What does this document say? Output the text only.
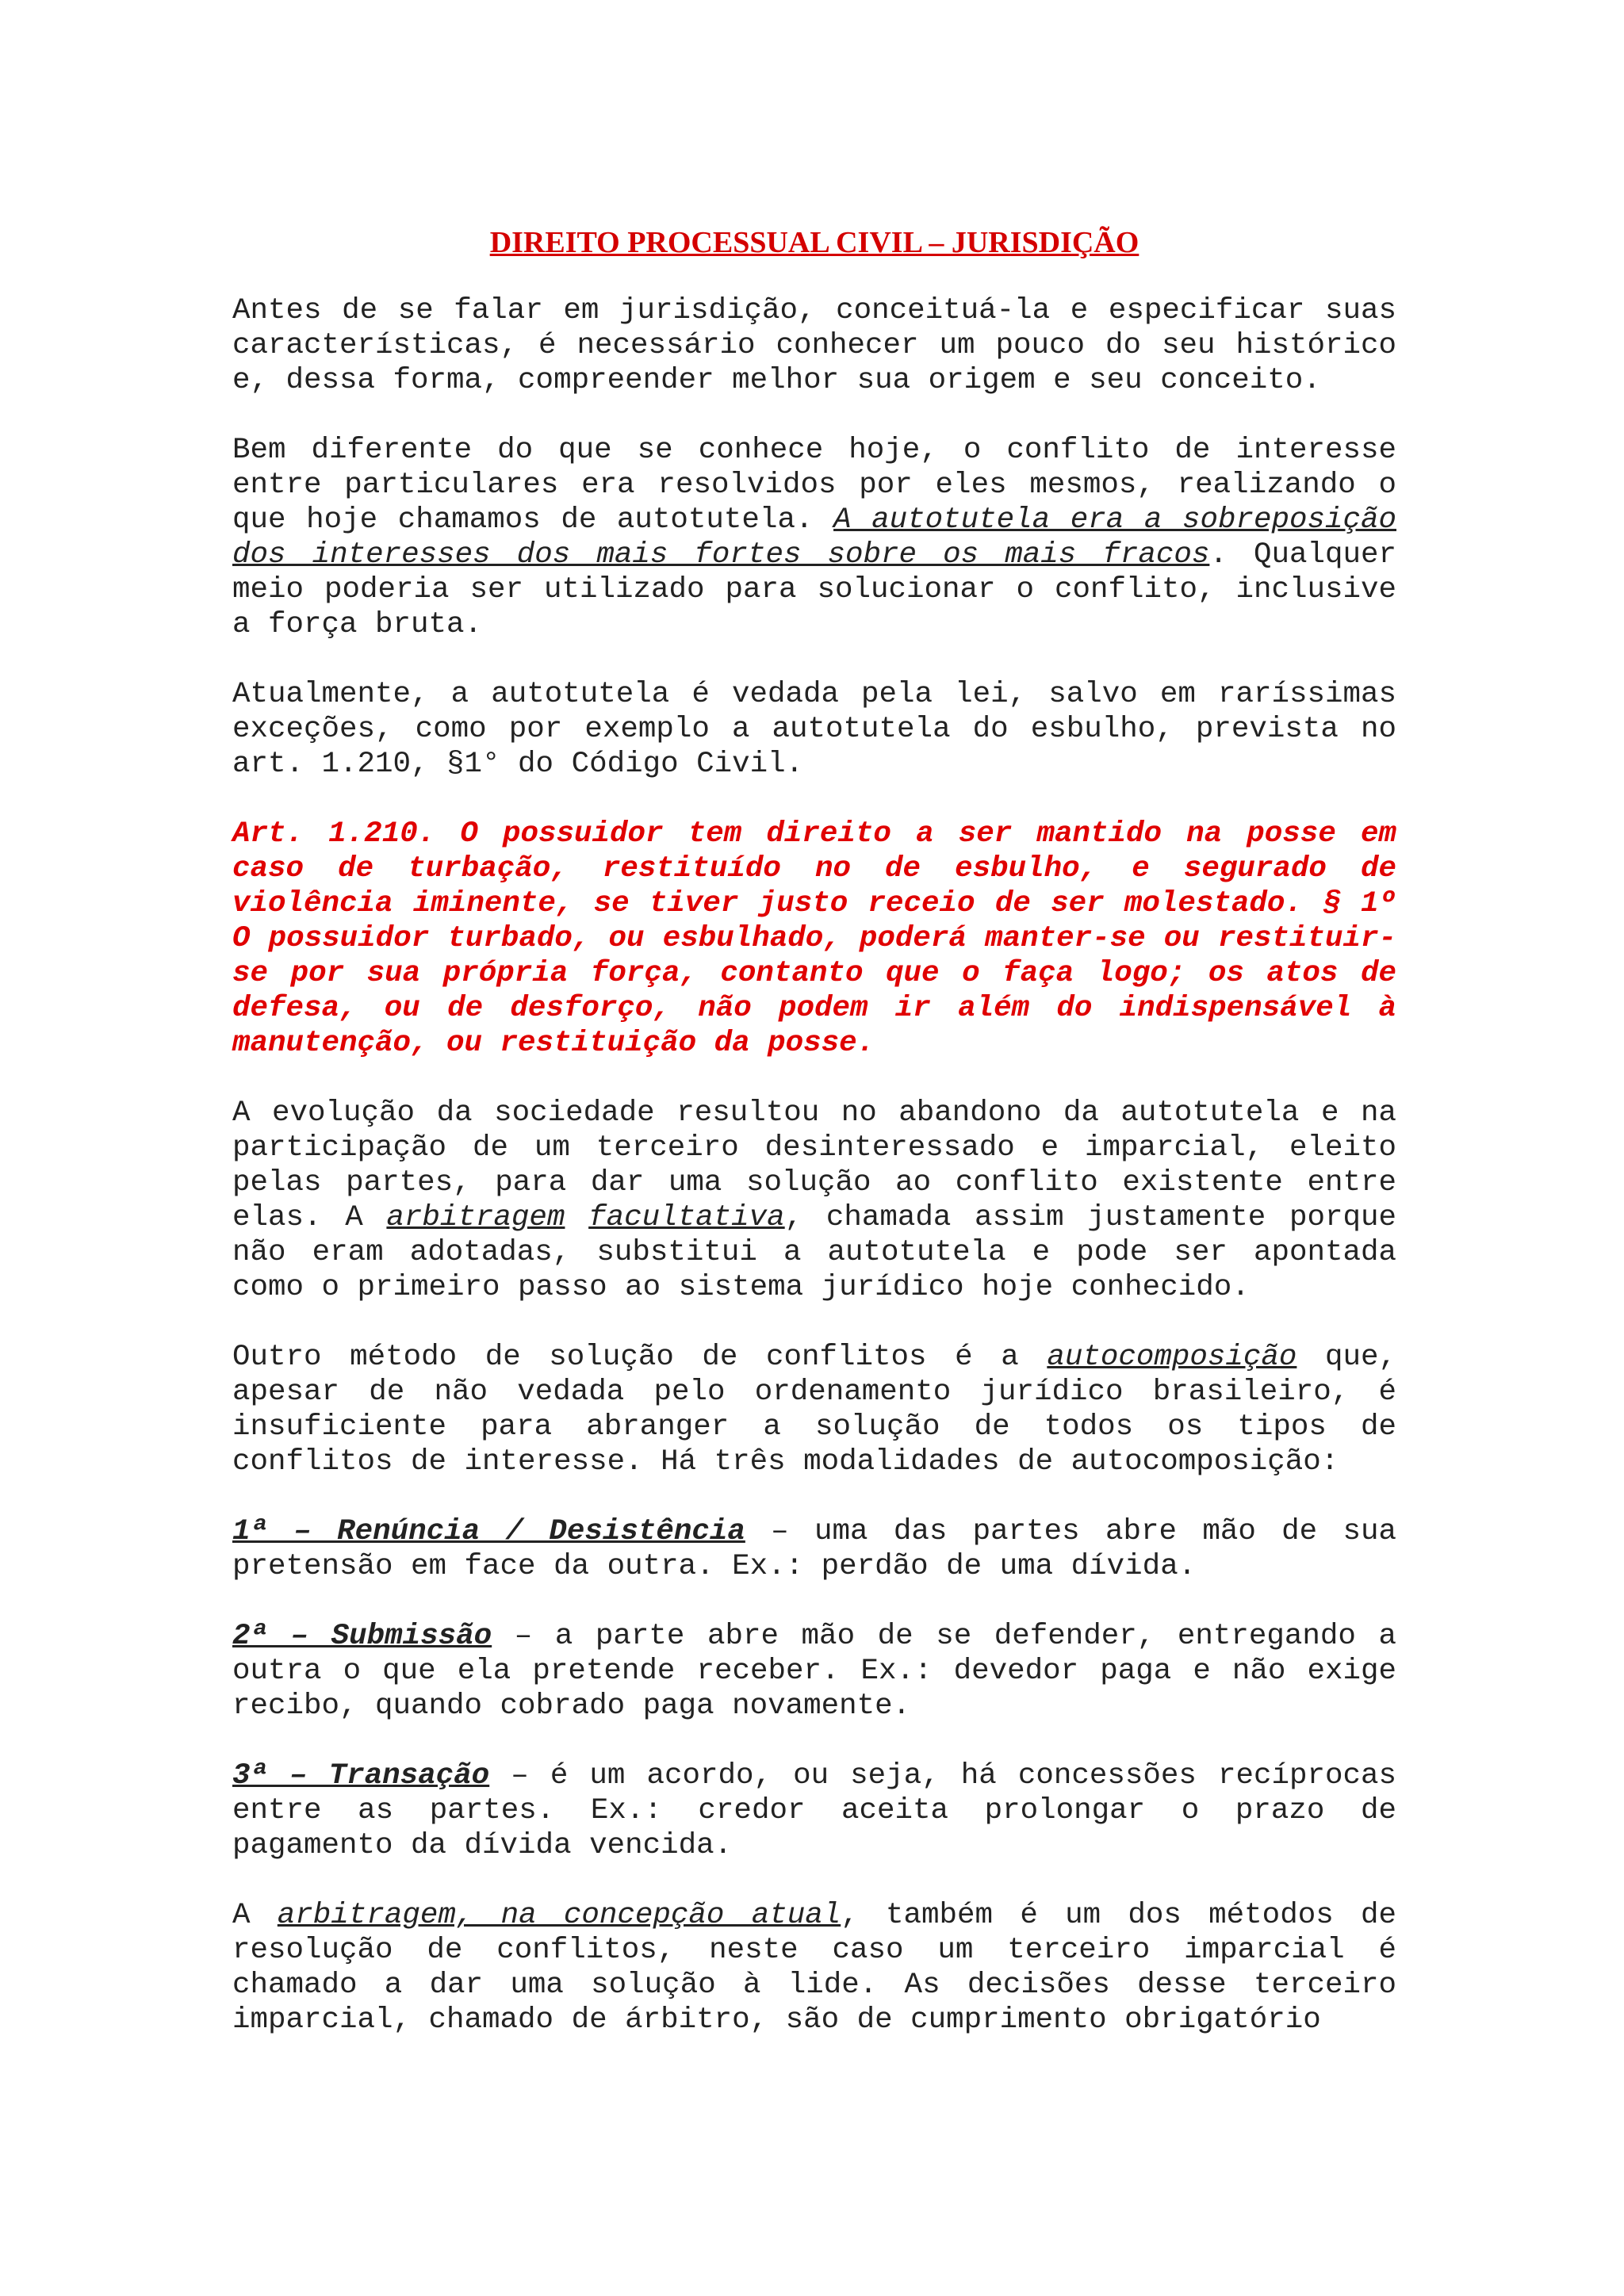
DIREITO PROCESSUAL CIVIL – JURISDIÇÃO

Antes de se falar em jurisdição, conceituá-la e especificar suas características, é necessário conhecer um pouco do seu histórico e, dessa forma, compreender melhor sua origem e seu conceito.

Bem diferente do que se conhece hoje, o conflito de interesse entre particulares era resolvidos por eles mesmos, realizando o que hoje chamamos de autotutela. A autotutela era a sobreposição dos interesses dos mais fortes sobre os mais fracos. Qualquer meio poderia ser utilizado para solucionar o conflito, inclusive a força bruta.

Atualmente, a autotutela é vedada pela lei, salvo em raríssimas exceções, como por exemplo a autotutela do esbulho, prevista no art. 1.210, §1° do Código Civil.

Art. 1.210. O possuidor tem direito a ser mantido na posse em caso de turbação, restituído no de esbulho, e segurado de violência iminente, se tiver justo receio de ser molestado. § 1º O possuidor turbado, ou esbulhado, poderá manter-se ou restituir-se por sua própria força, contanto que o faça logo; os atos de defesa, ou de desforço, não podem ir além do indispensável à manutenção, ou restituição da posse.

A evolução da sociedade resultou no abandono da autotutela e na participação de um terceiro desinteressado e imparcial, eleito pelas partes, para dar uma solução ao conflito existente entre elas. A arbitragem facultativa, chamada assim justamente porque não eram adotadas, substitui a autotutela e pode ser apontada como o primeiro passo ao sistema jurídico hoje conhecido.

Outro método de solução de conflitos é a autocomposição que, apesar de não vedada pelo ordenamento jurídico brasileiro, é insuficiente para abranger a solução de todos os tipos de conflitos de interesse. Há três modalidades de autocomposição:

1ª – Renúncia / Desistência – uma das partes abre mão de sua pretensão em face da outra. Ex.: perdão de uma dívida.

2ª – Submissão – a parte abre mão de se defender, entregando a outra o que ela pretende receber. Ex.: devedor paga e não exige recibo, quando cobrado paga novamente.

3ª – Transação – é um acordo, ou seja, há concessões recíprocas entre as partes. Ex.: credor aceita prolongar o prazo de pagamento da dívida vencida.

A arbitragem, na concepção atual, também é um dos métodos de resolução de conflitos, neste caso um terceiro imparcial é chamado a dar uma solução à lide. As decisões desse terceiro imparcial, chamado de árbitro, são de cumprimento obrigatório
